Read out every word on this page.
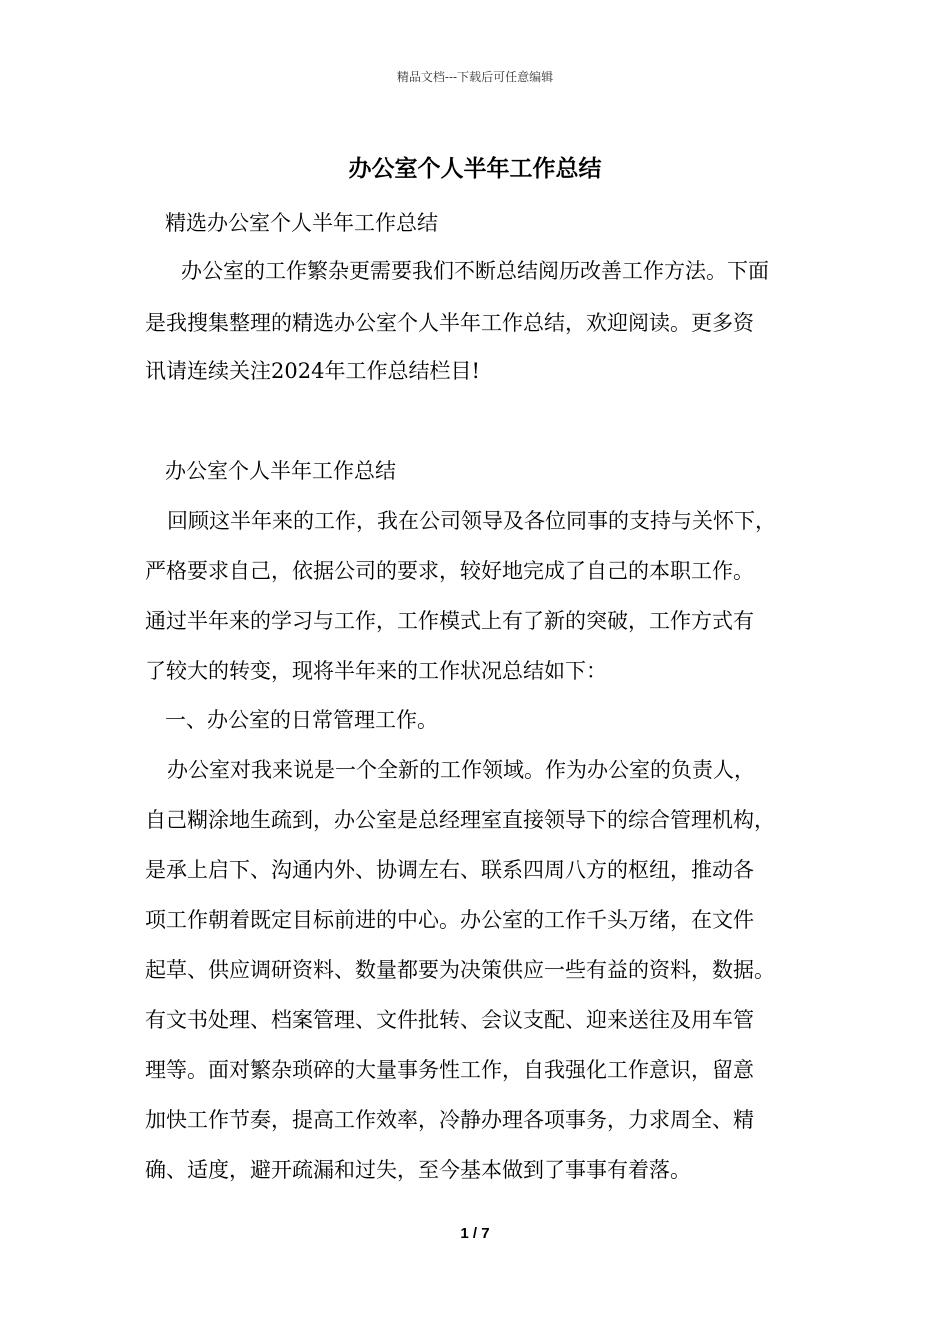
精品文档---下载后可任意编辑
办公室个人半年工作总结
精选办公室个人半年工作总结
办公室的工作繁杂更需要我们不断总结阅历改善工作方法。下面
是我搜集整理的精选办公室个人半年工作总结，欢迎阅读。更多资
讯请连续关注2024年工作总结栏目!
办公室个人半年工作总结
回顾这半年来的工作，我在公司领导及各位同事的支持与关怀下，
严格要求自己，依据公司的要求，较好地完成了自己的本职工作。
通过半年来的学习与工作，工作模式上有了新的突破，工作方式有
了较大的转变，现将半年来的工作状况总结如下：
一、办公室的日常管理工作。
办公室对我来说是一个全新的工作领域。作为办公室的负责人，
自己糊涂地生疏到，办公室是总经理室直接领导下的综合管理机构，
是承上启下、沟通内外、协调左右、联系四周八方的枢纽，推动各
项工作朝着既定目标前进的中心。办公室的工作千头万绪，在文件
起草、供应调研资料、数量都要为决策供应一些有益的资料，数据。
有文书处理、档案管理、文件批转、会议支配、迎来送往及用车管
理等。面对繁杂琐碎的大量事务性工作，自我强化工作意识，留意
加快工作节奏，提高工作效率，冷静办理各项事务，力求周全、精
确、适度，避开疏漏和过失，至今基本做到了事事有着落。
1 / 7
